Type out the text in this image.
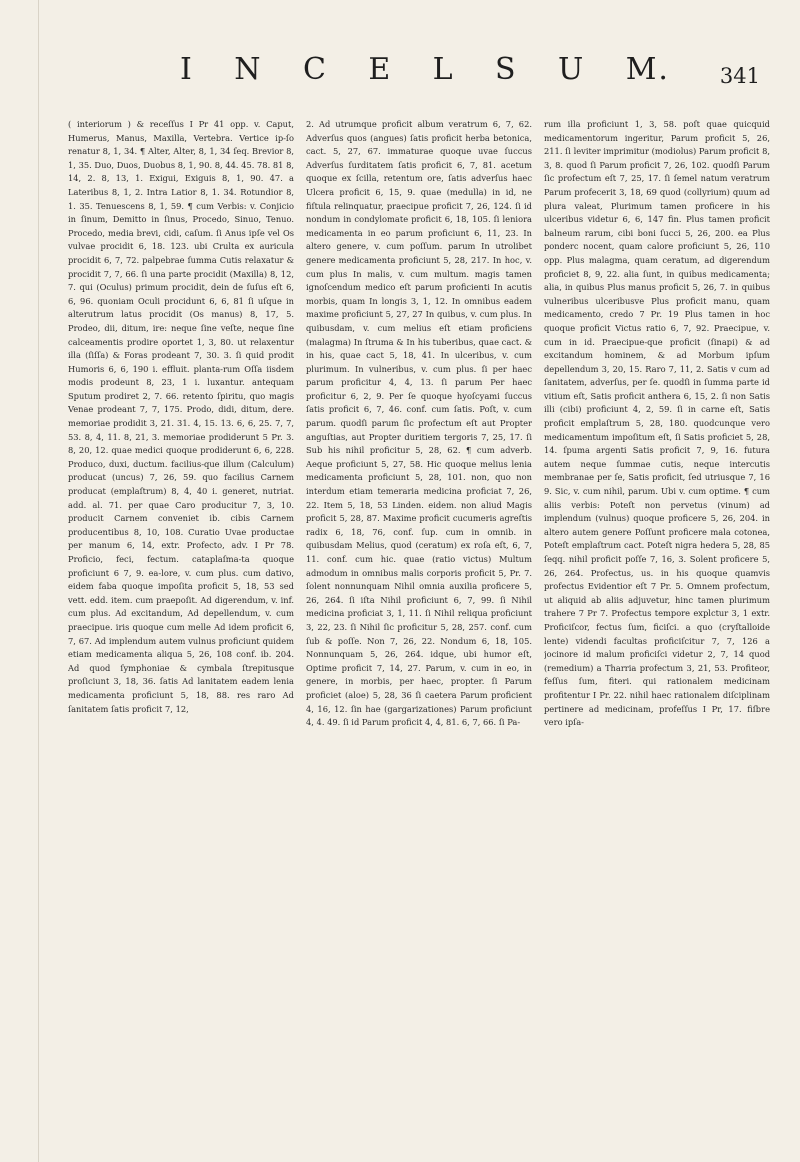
I N C E L S U M. 341

( interiorum ) & receſſus I Pr 41 opp. v. Caput, Humerus, Manus, Maxilla, Vertebra. Vertice ip-ſo renatur 8, 1, 34. ¶ Alter, Alter, 8, 1, 34 ſeq. Brevior 8, 1, 35. Duo, Duos, Duobus 8, 1, 90. 8, 44. 45. 78. 81 8, 14, 2. 8, 13, 1. Exigui, Exiguis 8, 1, 90. 47. a Lateribus 8, 1, 2. Intra Latior 8, 1. 34. Rotundior 8, 1. 35. Tenuescens 8, 1, 59. ¶ cum Verbis: v. Conjicio in ſinum, Demitto in ſinus, Procedo, Sinuo, Tenuo. Procedo, media brevi, cidi, caſum. ſi Anus ipſe vel Os vulvae procidit 6, 18. 123. ubi Crulta ex auricula procidit 6, 7, 72. palpebrae ſumma Cutis relaxatur & procidit 7, 7, 66. ſi una parte procidit (Maxilla) 8, 12, 7. qui (Oculus) primum procidit, dein de ſuſus eſt 6, 6, 96. quoniam Oculi procidunt 6, 6, 81 ſi uſque in alterutrum latus procidit (Os manus) 8, 17, 5. Prodeo, dii, ditum, ire: neque ſine veſte, neque ſine calceamentis prodire oportet 1, 3, 80. ut relaxentur illa (ſiſſa) & Foras prodeant 7, 30. 3. ſi quid prodit Humoris 6, 6, 190 i. effluit. planta-rum Oſſa iisdem modis prodeunt 8, 23, 1 i. luxantur. antequam Sputum prodiret 2, 7. 66. retento ſpiritu, quo magis Venae prodeant 7, 7, 175. Prodo, didi, ditum, dere. memoriae prodidit 3, 21. 31. 4, 15. 13. 6, 6, 25. 7, 7, 53. 8, 4, 11. 8, 21, 3. memoriae prodiderunt 5 Pr. 3. 8, 20, 12. quae medici quoque prodiderunt 6, 6, 228. Produco, duxi, ductum. facilius-que illum (Calculum) producat (uncus) 7, 26, 59. quo facilius Carnem producat (emplaſtrum) 8, 4, 40 i. generet, nutriat. add. al. 71. per quae Caro producitur 7, 3, 10. producit Carnem conveniet ib. cibis Carnem producentibus 8, 10, 108. Curatio Uvae productae per manum 6, 14, extr. Profecto, adv. I Pr 78. Proficio, feci, fectum. cataplaſma-ta quoque proficiunt 6 7, 9. ea-lore, v. cum plus. cum dativo, eidem faba quoque impoſita proficit 5, 18, 53 sed vett. edd. item. cum praepoſit. Ad digerendum, v. inf. cum plus. Ad excitandum, Ad depellendum, v. cum praecipue. iris quoque cum melle Ad idem proficit 6, 7, 67. Ad implendum autem vulnus proficiunt quidem etiam medicamenta aliqua 5, 26, 108 conf. ib. 204. Ad quod ſymphoniae & cymbala ſtrepitusque proſiciunt 3, 18, 36. ſatis Ad lanitatem eadem lenia medicamenta proficiunt 5, 18, 88. res raro Ad ſanitatem ſatis proficit 7, 12,

2. Ad utrumque proficit album veratrum 6, 7, 62. Adverſus quos (angues) ſatis proficit herba betonica, cact. 5, 27, 67. immaturae quoque uvae ſuccus Adverſus ſurditatem ſatis proficit 6, 7, 81. acetum quoque ex ſcilla, retentum ore, ſatis adverſus haec Ulcera proficit 6, 15, 9. quae (medulla) in id, ne fiſtula relinquatur, praecipue proficit 7, 26, 124. ſi id nondum in condylomate proficit 6, 18, 105. ſi leniora medicamenta in eo parum proficiunt 6, 11, 23. In altero genere, v. cum poſſum. parum In utrolibet genere medicamenta proficiunt 5, 28, 217. In hoc, v. cum plus In malis, v. cum multum. magis tamen ignoſcendum medico eſt parum proficienti In acutis morbis, quam In longis 3, 1, 12. In omnibus eadem maxime proficiunt 5, 27, 27 In quibus, v. cum plus. In quibusdam, v. cum melius eſt etiam proficiens (malagma) In ſtruma & In his tuberibus, quae cact. & in his, quae cact 5, 18, 41. In ulceribus, v. cum plurimum. In vulneribus, v. cum plus. ſi per haec parum proficitur 4, 4, 13. ſi parum Per haec proficitur 6, 2, 9. Per ſe quoque hyoſcyami ſuccus ſatis proficit 6, 7, 46. conf. cum ſatis. Poſt, v. cum parum. quodſi parum ſic profectum eſt aut Propter anguſtias, aut Propter duritiem tergoris 7, 25, 17. ſi Sub his nihil proficitur 5, 28, 62. ¶ cum adverb. Aeque proficiunt 5, 27, 58. Hic quoque melius lenia medicamenta proficiunt 5, 28, 101. non, quo non interdum etiam temeraria medicina proficiat 7, 26, 22. Item 5, 18, 53 Linden. eidem. non aliud Magis proficit 5, 28, 87. Maxime proficit cucumeris agreſtis radix 6, 18, 76, conf. ſup. cum in omnib. in quibusdam Melius, quod (ceratum) ex roſa eſt, 6, 7, 11. conf. cum hic. quae (ratio victus) Multum admodum in omnibus malis corporis proficit 5, Pr. 7. ſolent nonnunquam Nihil omnia auxilia proficere 5, 26, 264. ſi iſta Nihil proficiunt 6, 7, 99. ſi Nihil medicina proficiat 3, 1, 11. ſi Nihil reliqua proficiunt 3, 22, 23. ſi Nihil ſic proficitur 5, 28, 257. conf. cum ſub & poſſe. Non 7, 26, 22. Nondum 6, 18, 105. Nonnunquam 5, 26, 264. idque, ubi humor eſt, Optime proficit 7, 14, 27. Parum, v. cum in eo, in genere, in morbis, per haec, propter. ſi Parum proficiet (aloe) 5, 28, 36 ſi caetera Parum proficient 4, 16, 12. ſin hae (gargarizationes) Parum proficiunt 4, 4. 49. ſi id Parum proficit 4, 4, 81. 6, 7, 66. ſi Pa-

rum illa proficiunt 1, 3, 58. poſt quae quicquid medicamentorum ingeritur, Parum proficit 5, 26, 211. ſi leviter imprimitur (modiolus) Parum proficit 8, 3, 8. quod ſi Parum proficit 7, 26, 102. quodſi Parum ſic profectum eſt 7, 25, 17. ſi ſemel natum veratrum Parum profecerit 3, 18, 69 quod (collyrium) quum ad plura valeat, Plurimum tamen proficere in his ulceribus videtur 6, 6, 147 fin. Plus tamen proficit balneum rarum, cibi boni ſucci 5, 26, 200. ea Plus ponderc nocent, quam calore proficiunt 5, 26, 110 opp. Plus malagma, quam ceratum, ad digerendum proficiet 8, 9, 22. alia ſunt, in quibus medicamenta; alia, in quibus Plus manus proficit 5, 26, 7. in quibus vulneribus ulceribusve Plus proficit manu, quam medicamento, credo 7 Pr. 19 Plus tamen in hoc quoque proficit Victus ratio 6, 7, 92. Praecipue, v. cum in id. Praecipue-que proficit (ſinapi) & ad excitandum hominem, & ad Morbum ipſum depellendum 3, 20, 15. Raro 7, 11, 2. Satis v cum ad ſanitatem, adverſus, per ſe. quodſi in ſumma parte id vitium eſt, Satis proficit anthera 6, 15, 2. ſi non Satis illi (cibi) proficiunt 4, 2, 59. ſi in carne eſt, Satis proficit emplaſtrum 5, 28, 180. quodcunque vero medicamentum impoſitum eſt, ſi Satis proficiet 5, 28, 14. ſpuma argenti Satis proficit 7, 9, 16. futura autem neque ſummae cutis, neque intercutis membranae per ſe, Satis proficit, ſed utriusque 7, 16 9. Sic, v. cum nihil, parum. Ubi v. cum optime. ¶ cum aliis verbis: Poteſt non pervetus (vinum) ad implendum (vulnus) quoque proficere 5, 26, 204. in altero autem genere Poſſunt proficere mala cotonea, Poteſt emplaſtrum cact. Poteſt nigra hedera 5, 28, 85 ſeqq. nihil proficit poſſe 7, 16, 3. Solent proficere 5, 26, 264. Profectus, us. in his quoque quamvis profectus Evidentior eſt 7 Pr. 5. Omnem profectum, ut aliquid ab aliis adjuvetur, hinc tamen plurimum trahere 7 Pr 7. Profectus tempore explctur 3, 1 extr. Proficiſcor, fectus ſum, ficiſci. a quo (cryſtalloide lente) videndi facultas proficiſcitur 7, 7, 126 a jocinore id malum proficiſci videtur 2, 7, 14 quod (remedium) a Tharria profectum 3, 21, 53. Profiteor, feſſus ſum, fiteri. qui rationalem medicinam profitentur I Pr. 22. nihil haec rationalem diſciplinam pertinere ad medicinam, profeſſus I Pr, 17. fiſbre vero ipſa-
